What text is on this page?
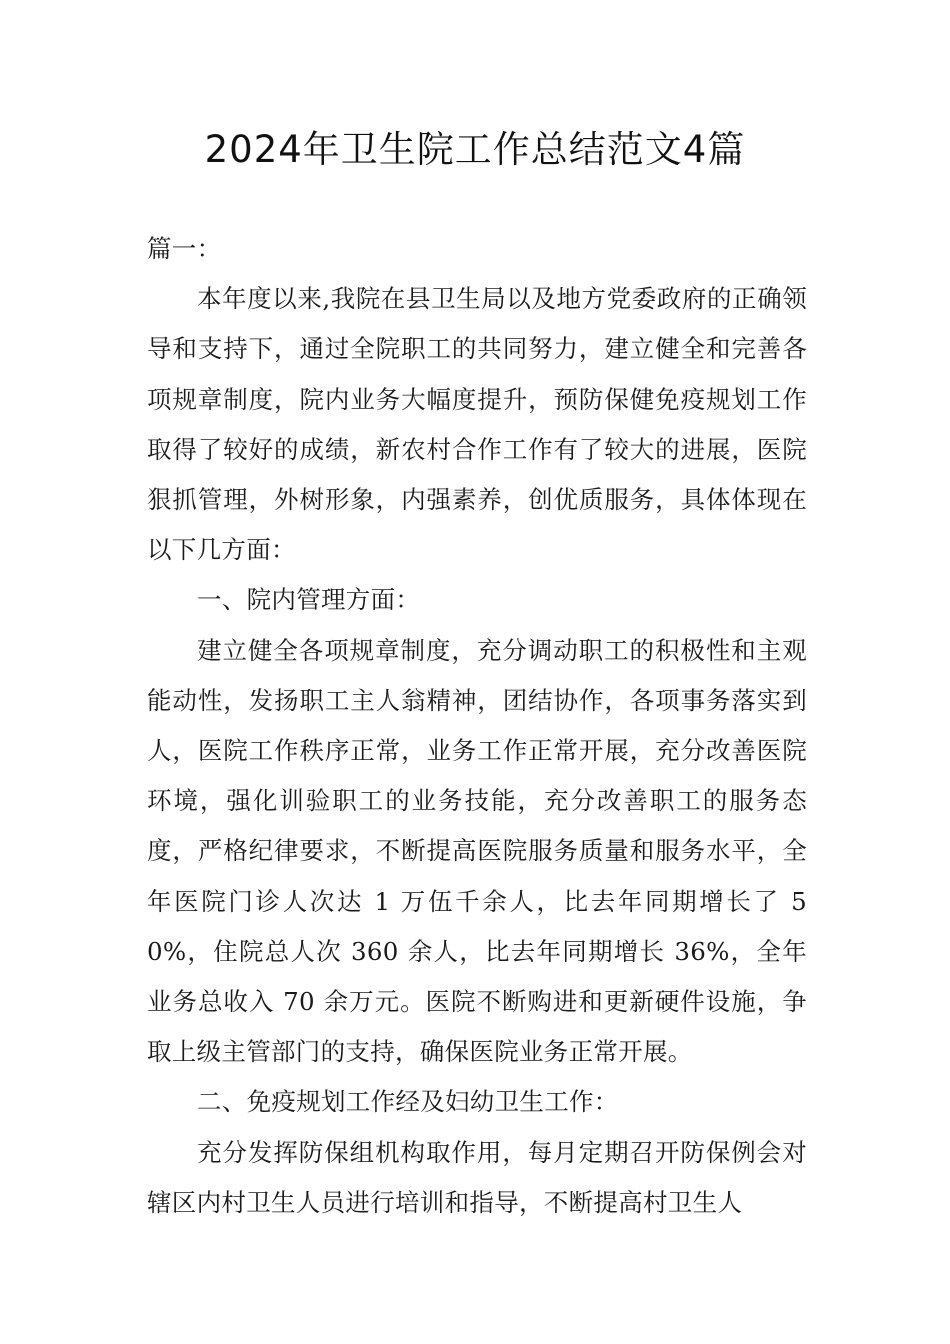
2024年卫生院工作总结范文4篇

篇一：

本年度以来,我院在县卫生局以及地方党委政府的正确领导和支持下，通过全院职工的共同努力，建立健全和完善各项规章制度，院内业务大幅度提升，预防保健免疫规划工作取得了较好的成绩，新农村合作工作有了较大的进展，医院狠抓管理，外树形象，内强素养，创优质服务，具体体现在以下几方面：

一、院内管理方面：

建立健全各项规章制度，充分调动职工的积极性和主观能动性，发扬职工主人翁精神，团结协作，各项事务落实到人，医院工作秩序正常，业务工作正常开展，充分改善医院环境，强化训验职工的业务技能，充分改善职工的服务态度，严格纪律要求，不断提高医院服务质量和服务水平，全年医院门诊人次达 1 万伍千余人，比去年同期增长了 50%，住院总人次 360 余人，比去年同期增长 36%，全年业务总收入 70 余万元。医院不断购进和更新硬件设施，争取上级主管部门的支持，确保医院业务正常开展。

二、免疫规划工作经及妇幼卫生工作：

充分发挥防保组机构取作用，每月定期召开防保例会对辖区内村卫生人员进行培训和指导，不断提高村卫生人
